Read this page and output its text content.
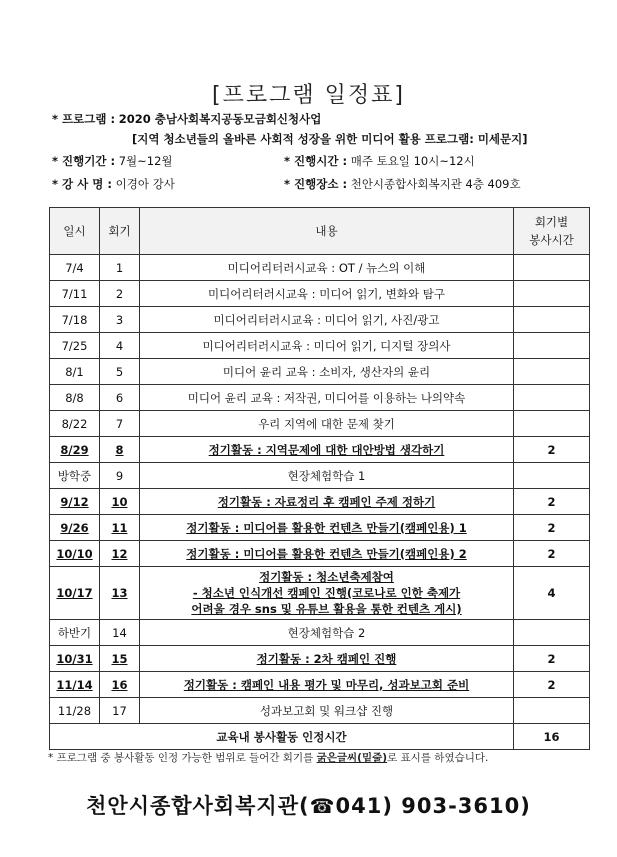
[프로그램 일정표]
* 프로그램 : 2020 충남사회복지공동모금회신청사업
[지역 청소년들의 올바른 사회적 성장을 위한 미디어 활용 프로그램: 미세문지]
* 진행기간 : 7월~12월	* 진행시간 : 매주 토요일 10시~12시
* 강 사 명 : 이경아 강사	* 진행장소 : 천안시종합사회복지관 4층 409호
일시	회기	내용	회기별
봉사시간

7/4	1	미디어리터러시교육 : OT / 뉴스의 이해	
7/11	2	미디어리터러시교육 : 미디어 읽기, 변화와 탐구	
7/18	3	미디어리터러시교육 : 미디어 읽기, 사진/광고	
7/25	4	미디어리터러시교육 : 미디어 읽기, 디지털 장의사	
8/1	5	미디어 윤리 교육 : 소비자, 생산자의 윤리	
8/8	6	미디어 윤리 교육 : 저작권, 미디어를 이용하는 나의약속	
8/22	7	우리 지역에 대한 문제 찾기	
8/29	8	정기활동 : 지역문제에 대한 대안방법 생각하기	2
방학중	9	현장체험학습 1	
9/12	10	정기활동 : 자료정리 후 캠페인 주제 정하기	2
9/26	11	정기활동 : 미디어를 활용한 컨텐츠 만들기(캠페인용) 1	2
10/10	12	정기활동 : 미디어를 활용한 컨텐츠 만들기(캠페인용) 2	2
10/17	13	정기활동 : 청소년축제참여
- 청소년 인식개선 캠페인 진행(코로나로 인한 축제가
어려울 경우 sns 및 유튜브 활용을 통한 컨텐츠 게시)	4
하반기	14	현장체험학습 2	
10/31	15	정기활동 : 2차 캠페인 진행	2
11/14	16	정기활동 : 캠페인 내용 평가 및 마무리, 성과보고회 준비	2
11/28	17	성과보고회 및 워크샵 진행	
교육내 봉사활동 인정시간			16
* 프로그램 중 봉사활동 인정 가능한 범위로 들어간 회기를 굵은글씨(밑줄)로 표시를 하였습니다.
천안시종합사회복지관(☎041) 903-3610)
